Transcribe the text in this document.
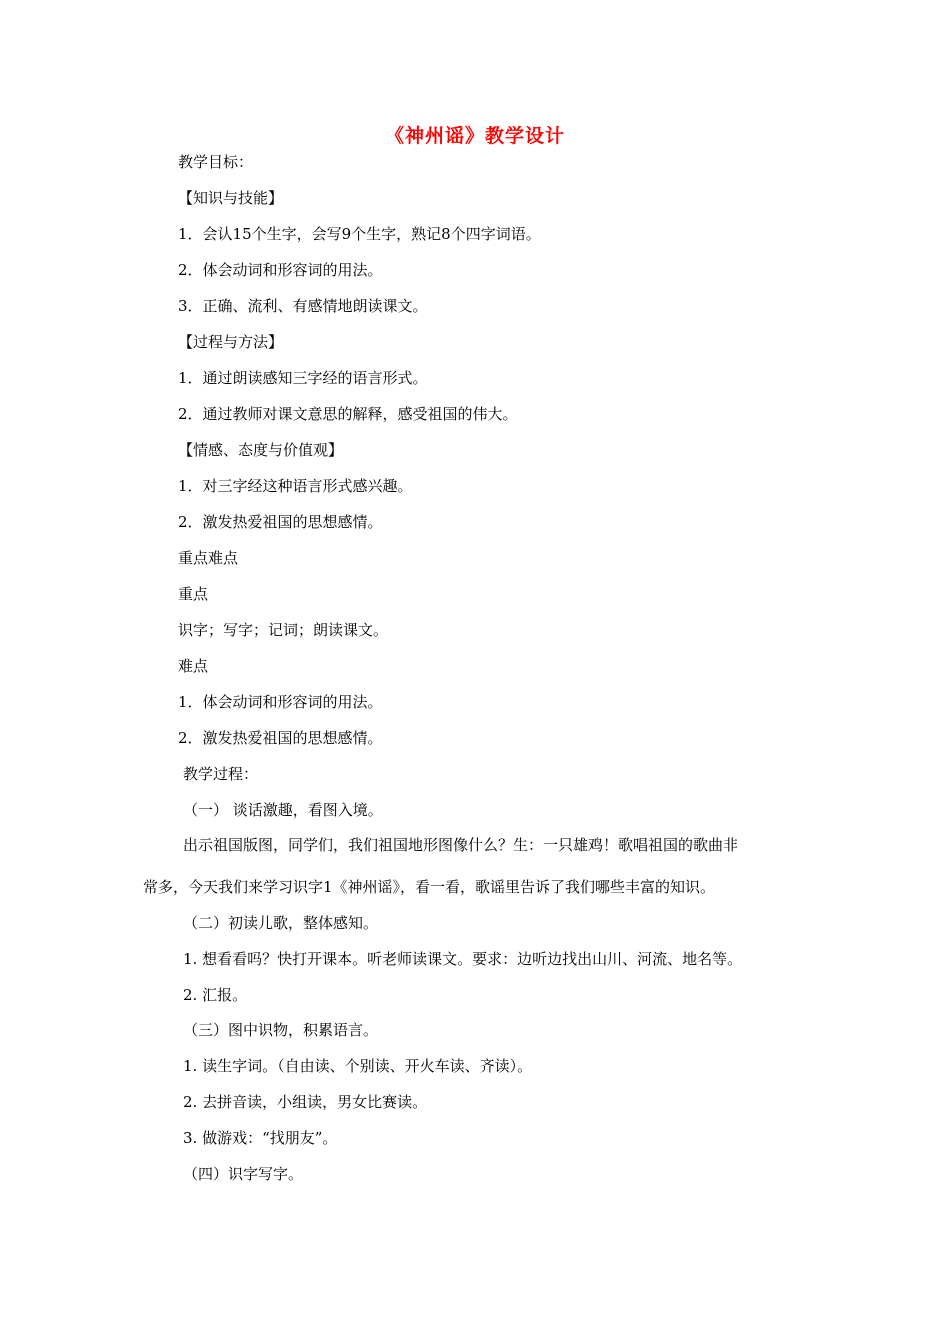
《神州谣》教学设计
教学目标：
【知识与技能】
1．会认15个生字，会写9个生字，熟记8个四字词语。
2．体会动词和形容词的用法。
3．正确、流利、有感情地朗读课文。
【过程与方法】
1．通过朗读感知三字经的语言形式。
2．通过教师对课文意思的解释，感受祖国的伟大。
【情感、态度与价值观】
1．对三字经这种语言形式感兴趣。
2．激发热爱祖国的思想感情。
重点难点
重点
识字；写字；记词；朗读课文。
难点
1．体会动词和形容词的用法。
2．激发热爱祖国的思想感情。
教学过程：
（一） 谈话激趣，看图入境。
出示祖国版图，同学们，我们祖国地形图像什么？生：一只雄鸡！歌唱祖国的歌曲非
常多，今天我们来学习识字1《神州谣》，看一看，歌谣里告诉了我们哪些丰富的知识。
（二）初读儿歌，整体感知。
1. 想看看吗？快打开课本。听老师读课文。要求：边听边找出山川、河流、地名等。
2. 汇报。
（三）图中识物，积累语言。
1. 读生字词。（自由读、个别读、开火车读、齐读）。
2. 去拼音读，小组读，男女比赛读。
3. 做游戏：“找朋友”。
（四）识字写字。
